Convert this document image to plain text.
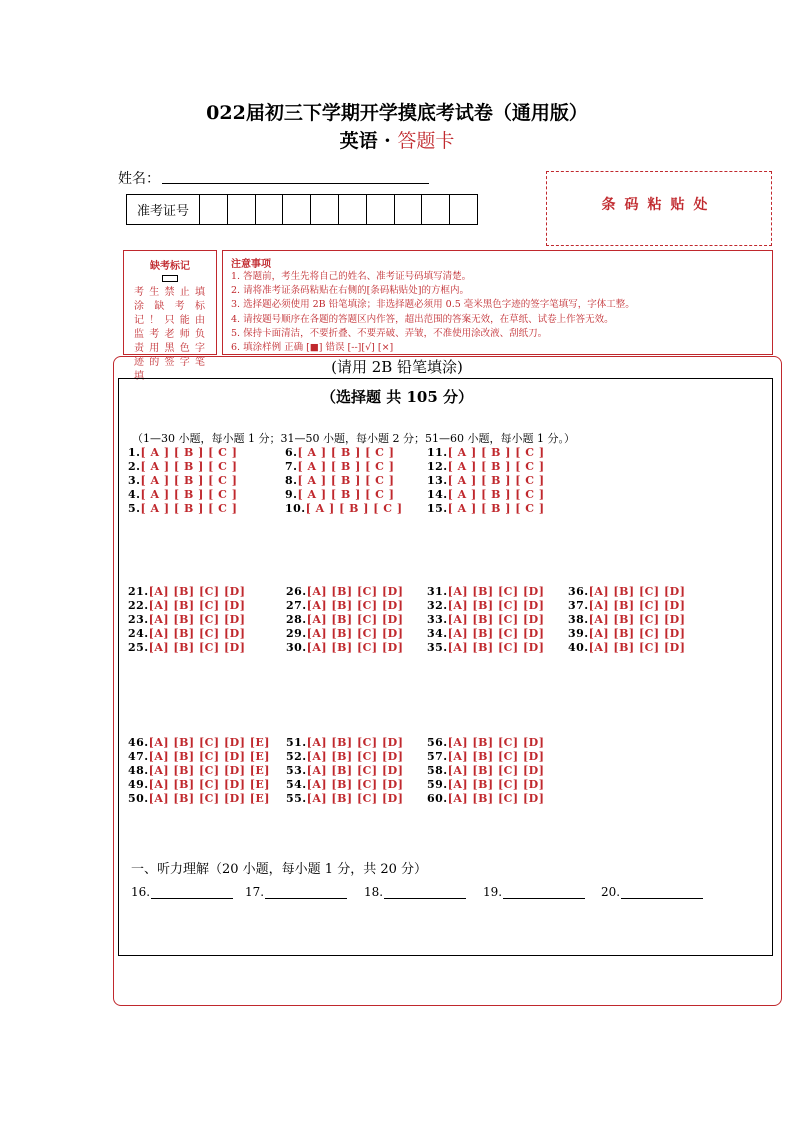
022届初三下学期开学摸底考试卷（通用版）
英语 · 答题卡
姓名：
准考证号	条码粘贴处
缺考标记
考生禁止填涂缺考标记！只能由监考老师负责用黑色字迹的签字笔填
注意事项
1. 答题前，考生先将自己的姓名、准考证号码填写清楚。
2. 请将准考证条码粘贴在右侧的[条码粘贴处]的方框内。
3. 选择题必须使用 2B 铅笔填涂；非选择题必须用 0.5 毫米黑色字迹的签字笔填写，字体工整。
4. 请按题号顺序在各题的答题区内作答，超出范围的答案无效，在草纸、试卷上作答无效。
5. 保持卡面清洁，不要折叠、不要弄破、弄皱，不准使用涂改液、刮纸刀。
6. 填涂样例 正确 [■] 错误 [--][√] [×]
(请用 2B 铅笔填涂)
（选择题 共 105 分）
（1—30 小题，每小题 1 分；31—50 小题，每小题 2 分；51—60 小题，每小题 1 分。）
1.[ A ] [ B ] [ C ]
2.[ A ] [ B ] [ C ]
3.[ A ] [ B ] [ C ]
4.[ A ] [ B ] [ C ]
5.[ A ] [ B ] [ C ]
6.[ A ] [ B ] [ C ]
7.[ A ] [ B ] [ C ]
8.[ A ] [ B ] [ C ]
9.[ A ] [ B ] [ C ]
10.[ A ] [ B ] [ C ]
11.[ A ] [ B ] [ C ]
12.[ A ] [ B ] [ C ]
13.[ A ] [ B ] [ C ]
14.[ A ] [ B ] [ C ]
15.[ A ] [ B ] [ C ]
21.[A] [B] [C] [D]
22.[A] [B] [C] [D]
23.[A] [B] [C] [D]
24.[A] [B] [C] [D]
25.[A] [B] [C] [D]
26.[A] [B] [C] [D]
27.[A] [B] [C] [D]
28.[A] [B] [C] [D]
29.[A] [B] [C] [D]
30.[A] [B] [C] [D]
31.[A] [B] [C] [D]
32.[A] [B] [C] [D]
33.[A] [B] [C] [D]
34.[A] [B] [C] [D]
35.[A] [B] [C] [D]
36.[A] [B] [C] [D]
37.[A] [B] [C] [D]
38.[A] [B] [C] [D]
39.[A] [B] [C] [D]
40.[A] [B] [C] [D]
46.[A] [B] [C] [D] [E]
47.[A] [B] [C] [D] [E]
48.[A] [B] [C] [D] [E]
49.[A] [B] [C] [D] [E]
50.[A] [B] [C] [D] [E]
51.[A] [B] [C] [D]
52.[A] [B] [C] [D]
53.[A] [B] [C] [D]
54.[A] [B] [C] [D]
55.[A] [B] [C] [D]
56.[A] [B] [C] [D]
57.[A] [B] [C] [D]
58.[A] [B] [C] [D]
59.[A] [B] [C] [D]
60.[A] [B] [C] [D]
一、听力理解（20 小题，每小题 1 分，共 20 分）
16.	17.	18.	19.	20.
